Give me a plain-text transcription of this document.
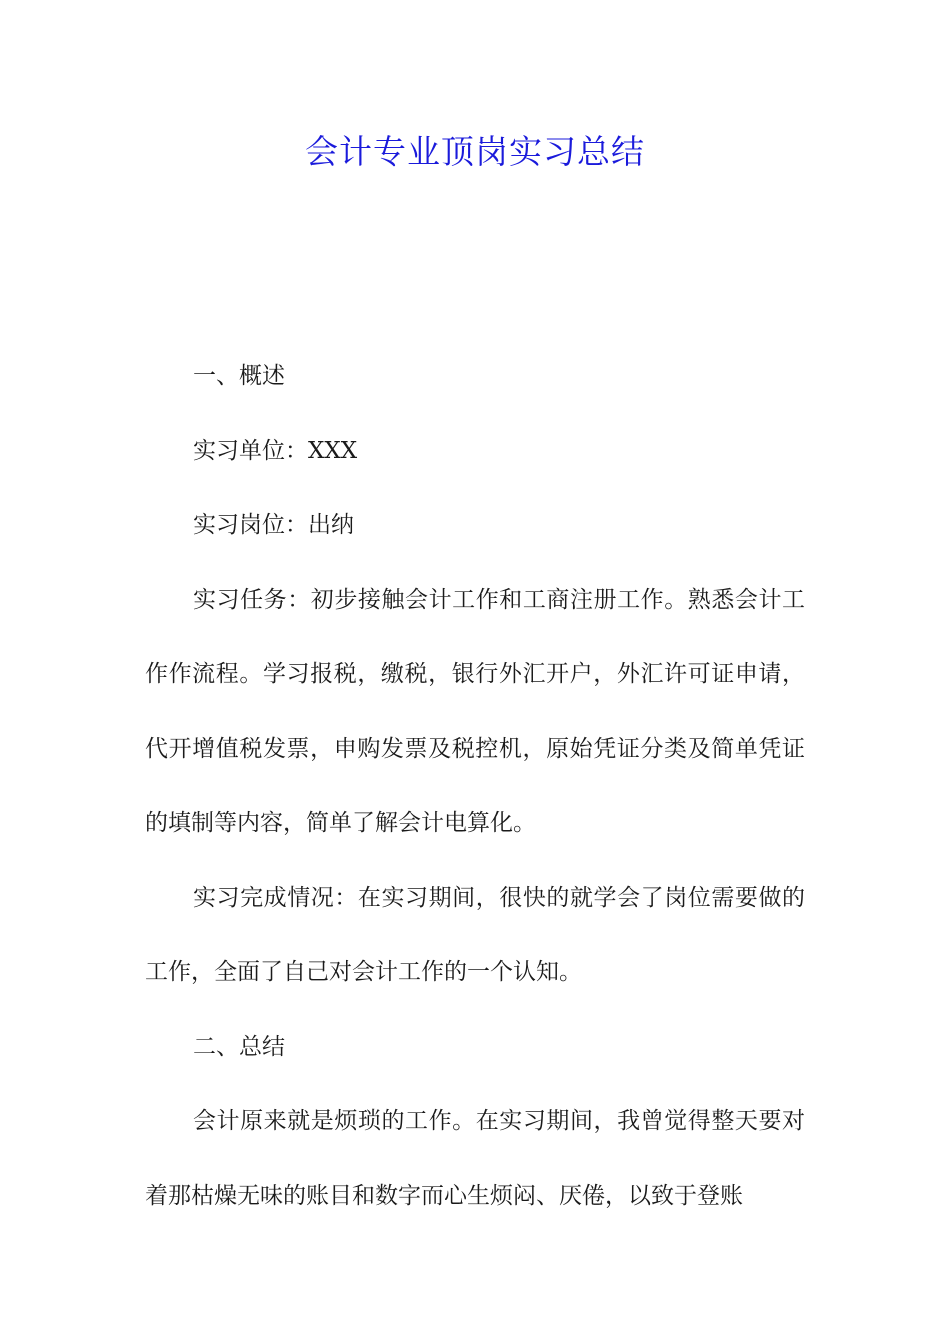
会计专业顶岗实习总结

一、概述

实习单位：XXX

实习岗位：出纳

实习任务：初步接触会计工作和工商注册工作。熟悉会计工作作流程。学习报税，缴税，银行外汇开户，外汇许可证申请，代开增值税发票，申购发票及税控机，原始凭证分类及简单凭证的填制等内容，简单了解会计电算化。

实习完成情况：在实习期间，很快的就学会了岗位需要做的工作，全面了自己对会计工作的一个认知。

二、总结

会计原来就是烦琐的工作。在实习期间，我曾觉得整天要对着那枯燥无味的账目和数字而心生烦闷、厌倦，以致于登账
